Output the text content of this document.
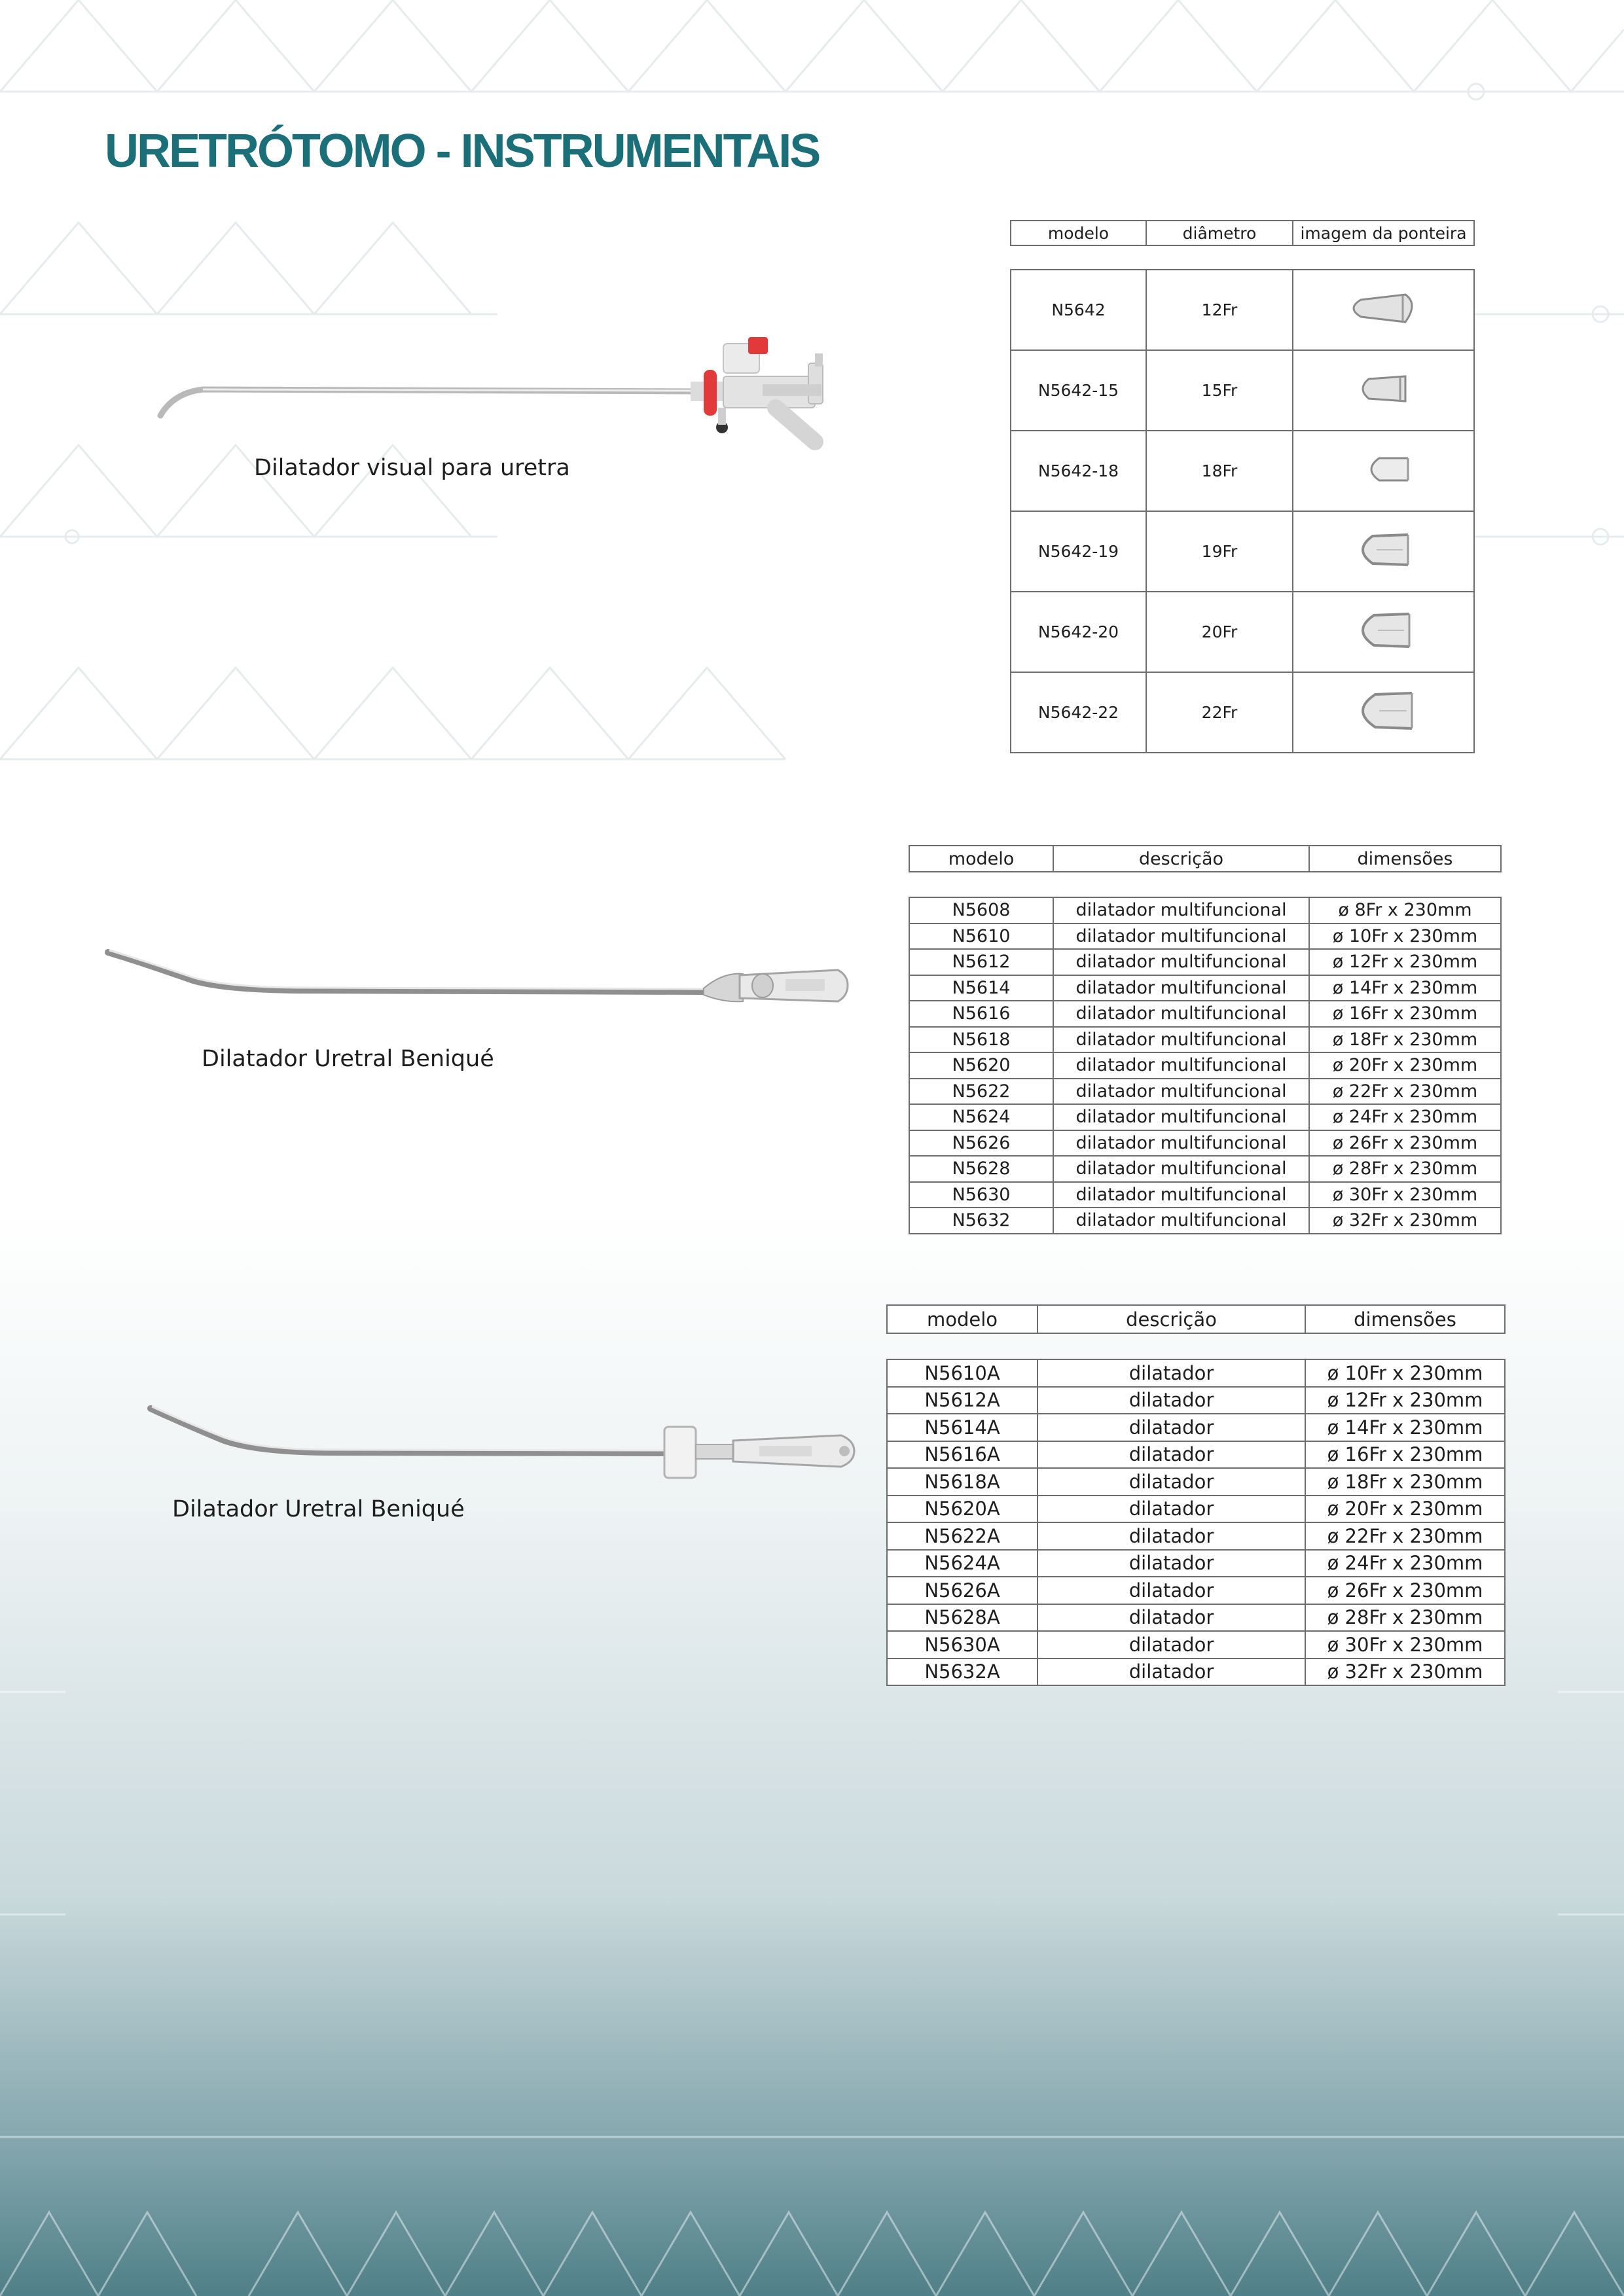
URETRÓTOMO - INSTRUMENTAIS
Dilatador visual para uretra
modelo	diâmetro	imagem da ponteira
N5642	12Fr	
N5642-15	15Fr	
N5642-18	18Fr	
N5642-19	19Fr	
N5642-20	20Fr	
N5642-22	22Fr	
Dilatador Uretral Beniqué
modelo	descrição	dimensões
N5608	dilatador multifuncional	ø 8Fr x 230mm
N5610	dilatador multifuncional	ø 10Fr x 230mm
N5612	dilatador multifuncional	ø 12Fr x 230mm
N5614	dilatador multifuncional	ø 14Fr x 230mm
N5616	dilatador multifuncional	ø 16Fr x 230mm
N5618	dilatador multifuncional	ø 18Fr x 230mm
N5620	dilatador multifuncional	ø 20Fr x 230mm
N5622	dilatador multifuncional	ø 22Fr x 230mm
N5624	dilatador multifuncional	ø 24Fr x 230mm
N5626	dilatador multifuncional	ø 26Fr x 230mm
N5628	dilatador multifuncional	ø 28Fr x 230mm
N5630	dilatador multifuncional	ø 30Fr x 230mm
N5632	dilatador multifuncional	ø 32Fr x 230mm
Dilatador Uretral Beniqué
modelo	descrição	dimensões
N5610A	dilatador	ø 10Fr x 230mm
N5612A	dilatador	ø 12Fr x 230mm
N5614A	dilatador	ø 14Fr x 230mm
N5616A	dilatador	ø 16Fr x 230mm
N5618A	dilatador	ø 18Fr x 230mm
N5620A	dilatador	ø 20Fr x 230mm
N5622A	dilatador	ø 22Fr x 230mm
N5624A	dilatador	ø 24Fr x 230mm
N5626A	dilatador	ø 26Fr x 230mm
N5628A	dilatador	ø 28Fr x 230mm
N5630A	dilatador	ø 30Fr x 230mm
N5632A	dilatador	ø 32Fr x 230mm
